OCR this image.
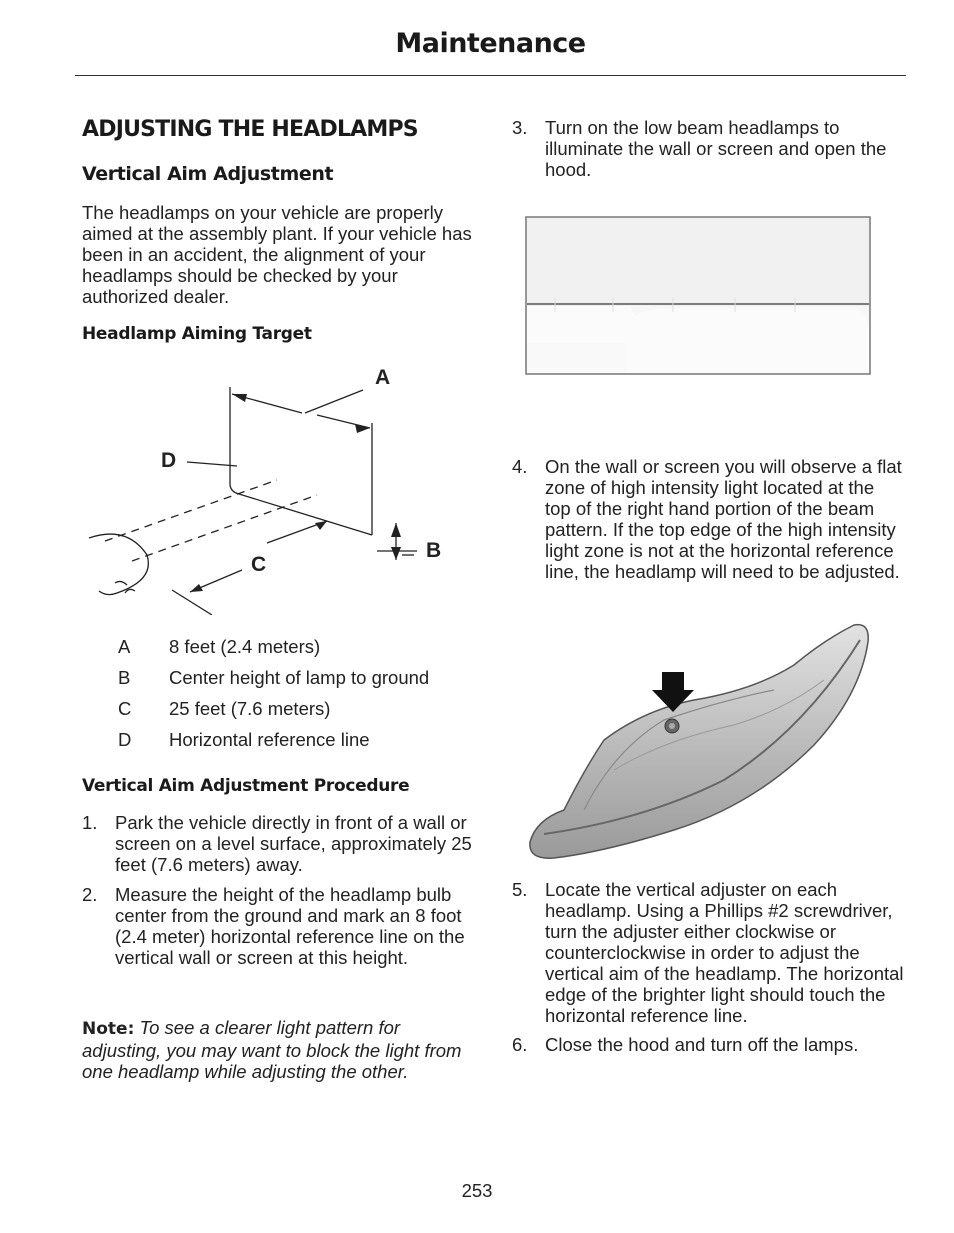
Maintenance
ADJUSTING THE HEADLAMPS
Vertical Aim Adjustment

The headlamps on your vehicle are properly aimed at the assembly plant. If your vehicle has been in an accident, the alignment of your headlamps should be checked by your authorized dealer.

Headlamp Aiming Target
A
B
C
D
A	8 feet (2.4 meters)
B	Center height of lamp to ground
C	25 feet (7.6 meters)
D	Horizontal reference line
Vertical Aim Adjustment Procedure
1. Park the vehicle directly in front of a wall or screen on a level surface, approximately 25 feet (7.6 meters) away.
2. Measure the height of the headlamp bulb center from the ground and mark an 8 foot (2.4 meter) horizontal reference line on the vertical wall or screen at this height.
Note: To see a clearer light pattern for adjusting, you may want to block the light from one headlamp while adjusting the other.
3. Turn on the low beam headlamps to illuminate the wall or screen and open the hood.
4. On the wall or screen you will observe a flat zone of high intensity light located at the top of the right hand portion of the beam pattern. If the top edge of the high intensity light zone is not at the horizontal reference line, the headlamp will need to be adjusted.
5. Locate the vertical adjuster on each headlamp. Using a Phillips #2 screwdriver, turn the adjuster either clockwise or counterclockwise in order to adjust the vertical aim of the headlamp. The horizontal edge of the brighter light should touch the horizontal reference line.
6. Close the hood and turn off the lamps.
253
